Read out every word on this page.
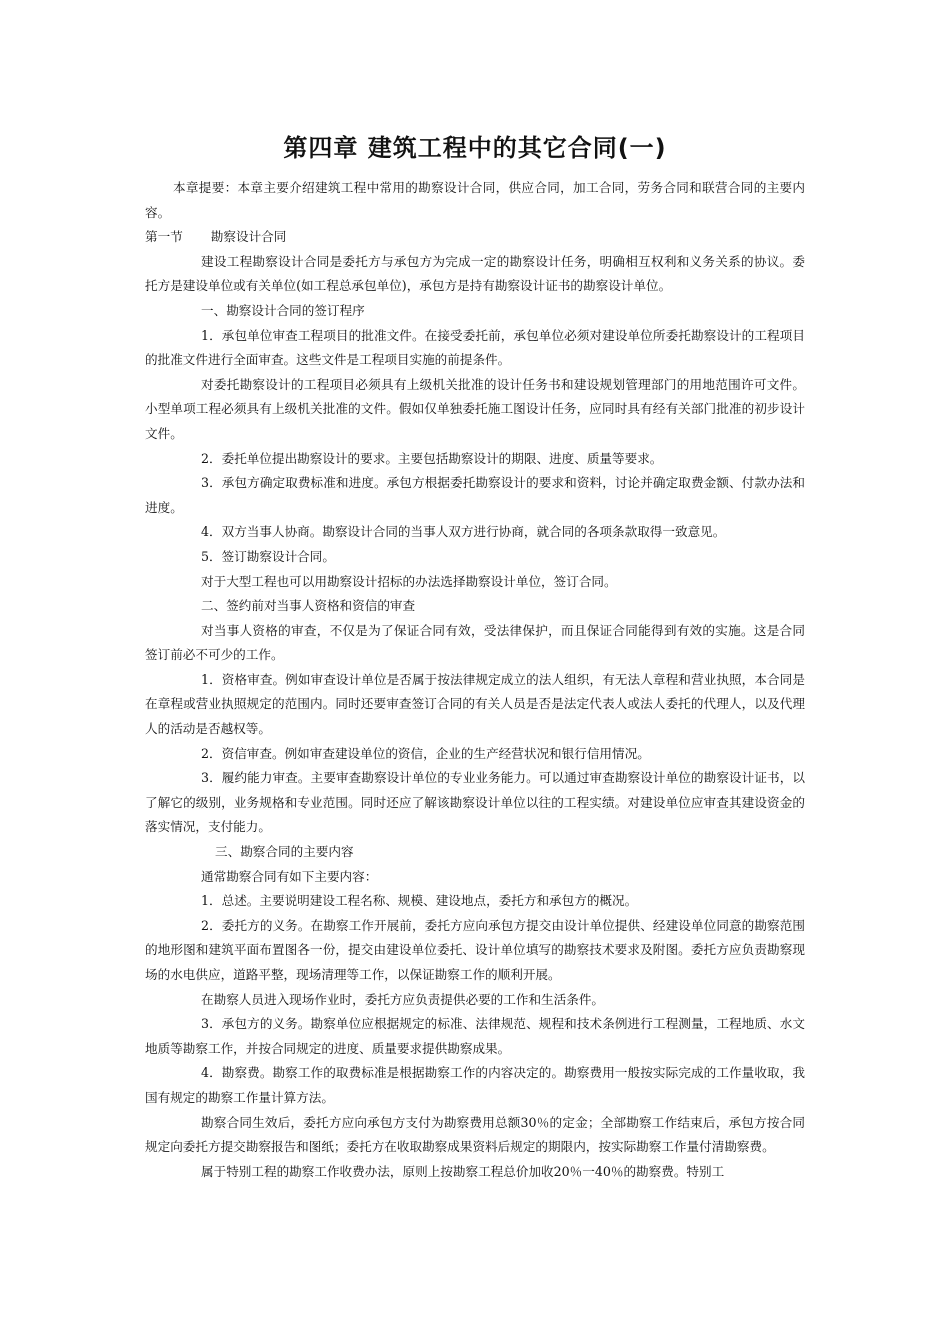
第四章 建筑工程中的其它合同(一)

本章提要：本章主要介绍建筑工程中常用的勘察设计合同，供应合同，加工合同，劳务合同和联营合同的主要内容。

第一节 勘察设计合同

建设工程勘察设计合同是委托方与承包方为完成一定的勘察设计任务，明确相互权利和义务关系的协议。委托方是建设单位或有关单位(如工程总承包单位)，承包方是持有勘察设计证书的勘察设计单位。

一、勘察设计合同的签订程序

1．承包单位审查工程项目的批准文件。在接受委托前，承包单位必须对建设单位所委托勘察设计的工程项目的批准文件进行全面审查。这些文件是工程项目实施的前提条件。

对委托勘察设计的工程项目必须具有上级机关批准的设计任务书和建设规划管理部门的用地范围许可文件。小型单项工程必须具有上级机关批准的文件。假如仅单独委托施工图设计任务，应同时具有经有关部门批准的初步设计文件。

2．委托单位提出勘察设计的要求。主要包括勘察设计的期限、进度、质量等要求。

3．承包方确定取费标准和进度。承包方根据委托勘察设计的要求和资料，讨论并确定取费金额、付款办法和进度。

4．双方当事人协商。勘察设计合同的当事人双方进行协商，就合同的各项条款取得一致意见。

5．签订勘察设计合同。

对于大型工程也可以用勘察设计招标的办法选择勘察设计单位，签订合同。

二、签约前对当事人资格和资信的审查

对当事人资格的审查，不仅是为了保证合同有效，受法律保护，而且保证合同能得到有效的实施。这是合同签订前必不可少的工作。

1．资格审查。例如审查设计单位是否属于按法律规定成立的法人组织，有无法人章程和营业执照，本合同是在章程或营业执照规定的范围内。同时还要审查签订合同的有关人员是否是法定代表人或法人委托的代理人，以及代理人的活动是否越权等。

2．资信审查。例如审查建设单位的资信，企业的生产经营状况和银行信用情况。

3．履约能力审查。主要审查勘察设计单位的专业业务能力。可以通过审查勘察设计单位的勘察设计证书，以了解它的级别，业务规格和专业范围。同时还应了解该勘察设计单位以往的工程实绩。对建设单位应审查其建设资金的落实情况，支付能力。

三、勘察合同的主要内容

通常勘察合同有如下主要内容：

1．总述。主要说明建设工程名称、规模、建设地点，委托方和承包方的概况。

2．委托方的义务。在勘察工作开展前，委托方应向承包方提交由设计单位提供、经建设单位同意的勘察范围的地形图和建筑平面布置图各一份，提交由建设单位委托、设计单位填写的勘察技术要求及附图。委托方应负责勘察现场的水电供应，道路平整，现场清理等工作，以保证勘察工作的顺利开展。

在勘察人员进入现场作业时，委托方应负责提供必要的工作和生活条件。

3．承包方的义务。勘察单位应根据规定的标准、法律规范、规程和技术条例进行工程测量，工程地质、水文地质等勘察工作，并按合同规定的进度、质量要求提供勘察成果。

4．勘察费。勘察工作的取费标准是根据勘察工作的内容决定的。勘察费用一般按实际完成的工作量收取，我国有规定的勘察工作量计算方法。

勘察合同生效后，委托方应向承包方支付为勘察费用总额30％的定金；全部勘察工作结束后，承包方按合同规定向委托方提交勘察报告和图纸；委托方在收取勘察成果资料后规定的期限内，按实际勘察工作量付清勘察费。

属于特别工程的勘察工作收费办法，原则上按勘察工程总价加收20％一40％的勘察费。特别工
